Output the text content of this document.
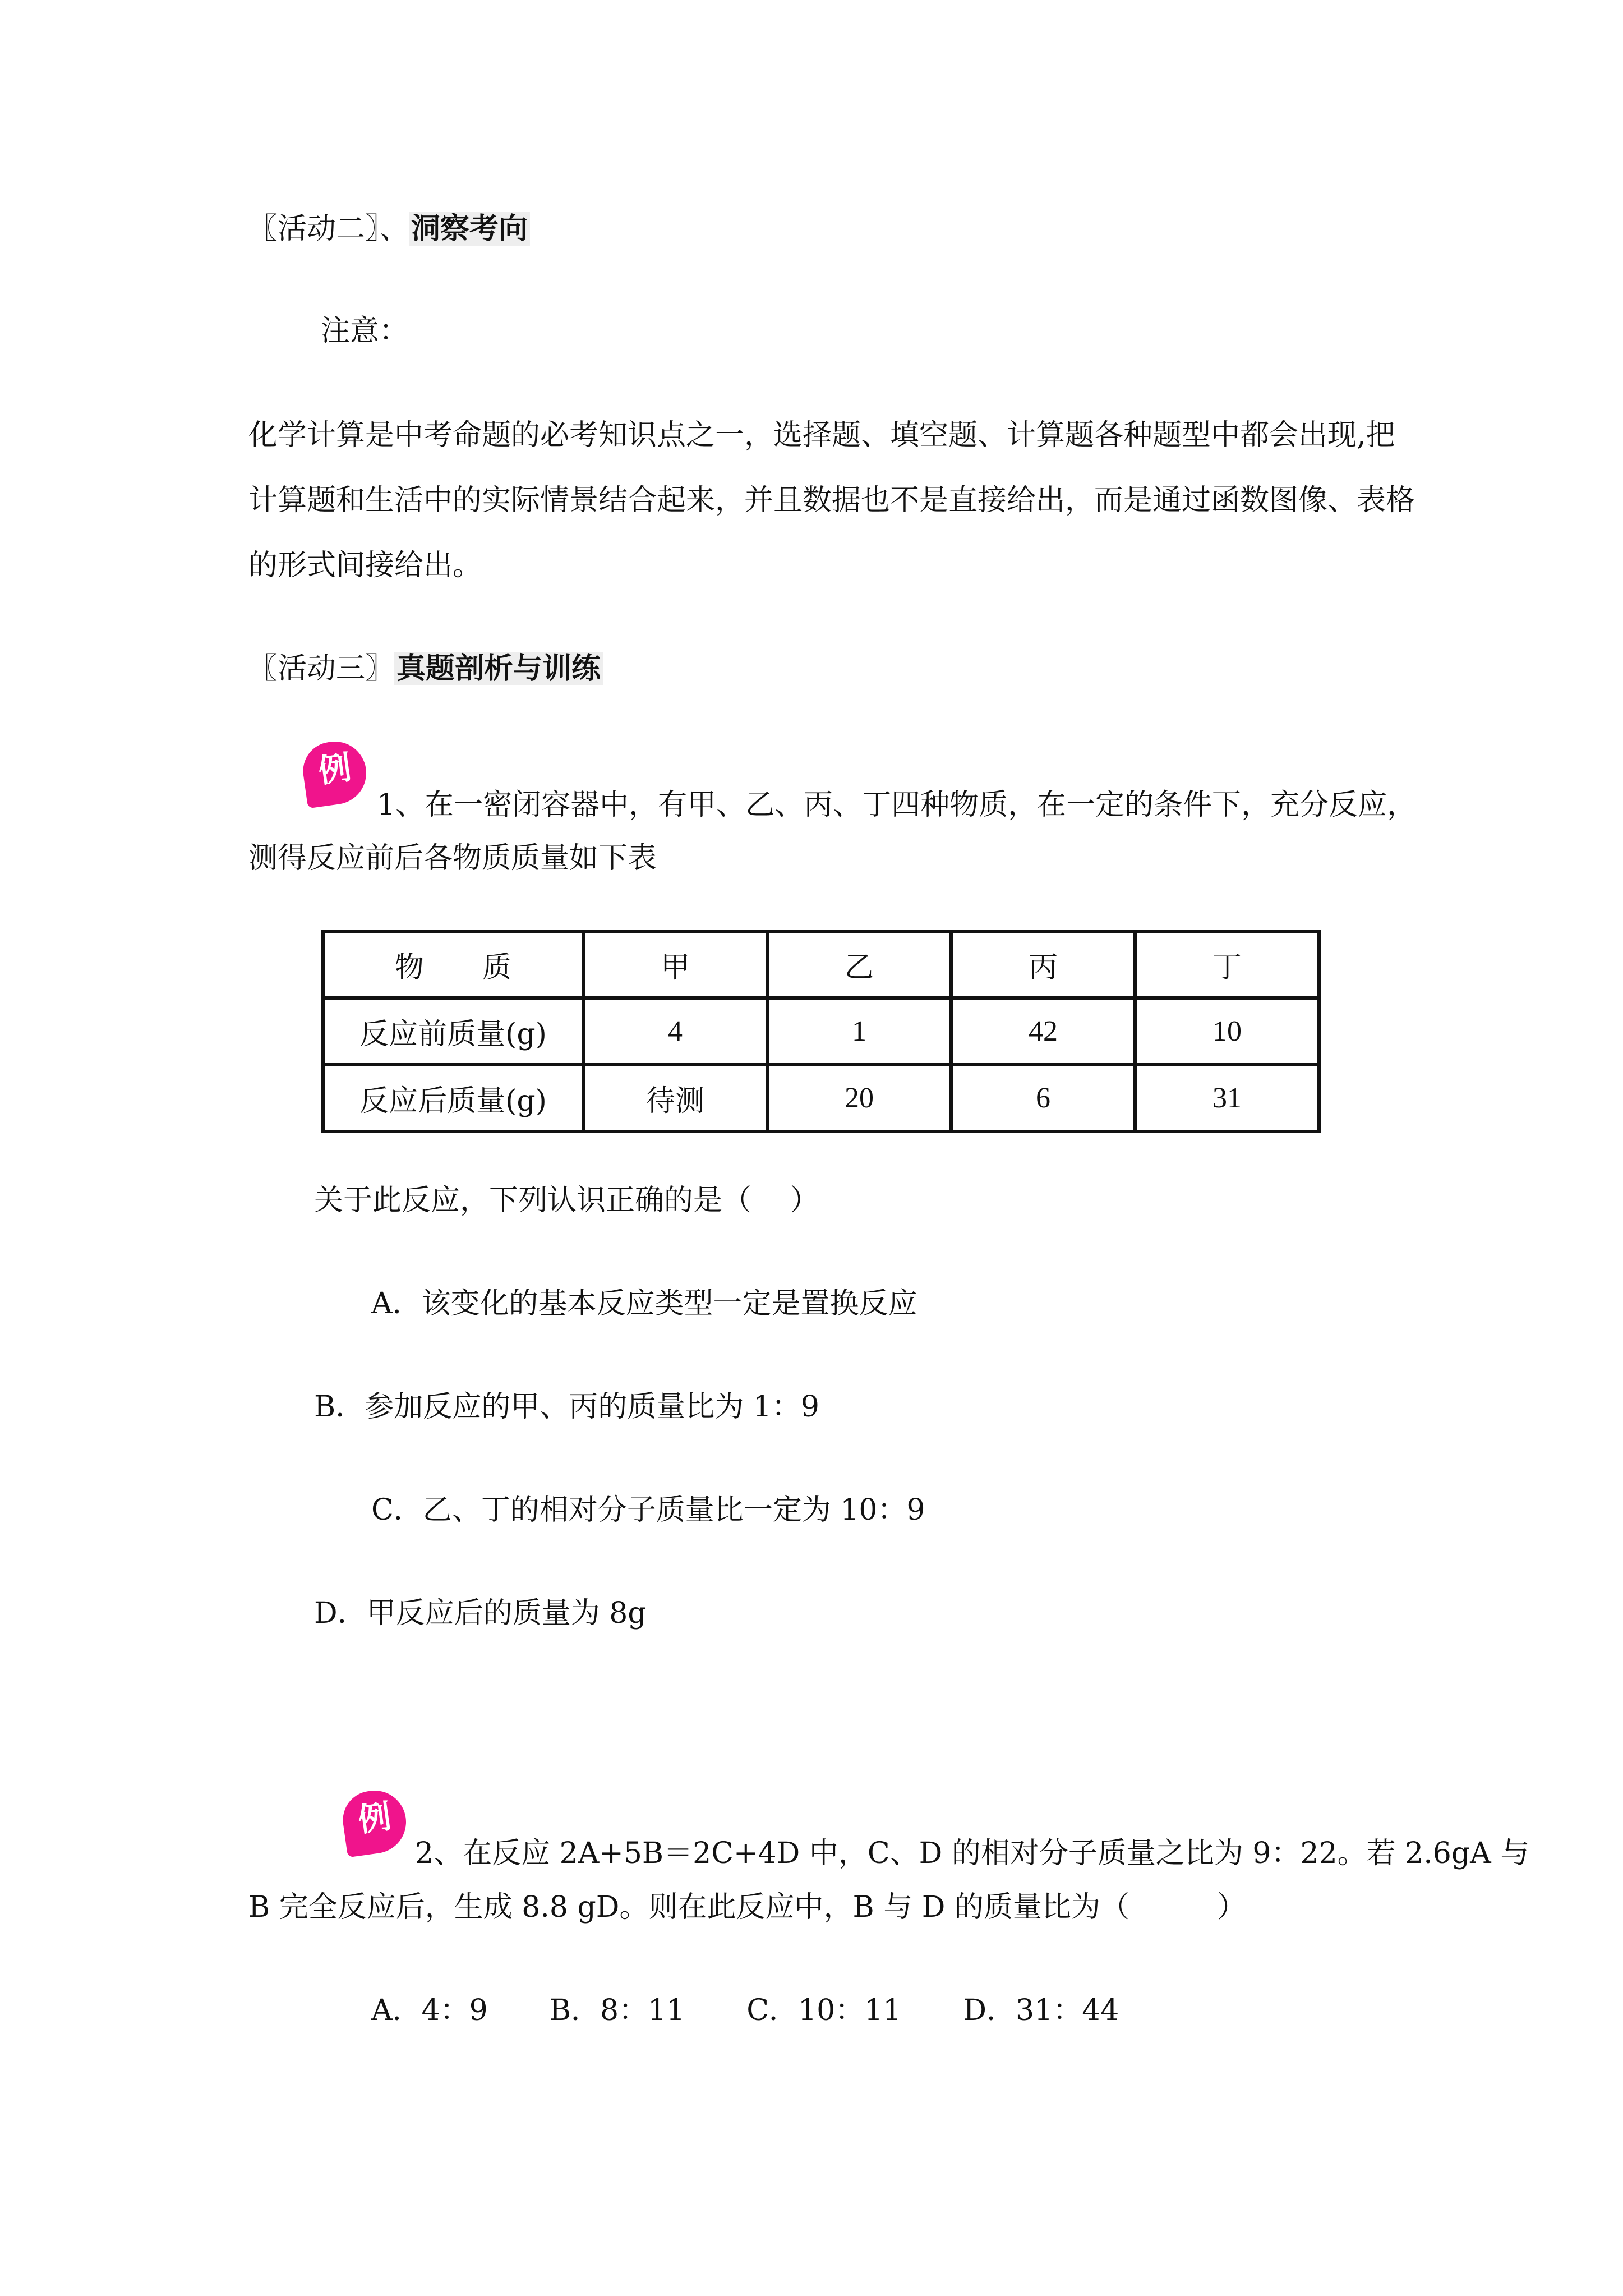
〖活动二〗、洞察考向
注意：
化学计算是中考命题的必考知识点之一，选择题、填空题、计算题各种题型中都会出现,把
计算题和生活中的实际情景结合起来，并且数据也不是直接给出，而是通过函数图像、表格
的形式间接给出。
〖活动三〗真题剖析与训练
例
1、在一密闭容器中，有甲、乙、丙、丁四种物质，在一定的条件下，充分反应，
测得反应前后各物质质量如下表
物　　质	甲	乙	丙	丁
反应前质量(g)	4	1	42	10
反应后质量(g)	待测	20	6	31
关于此反应，下列认识正确的是（　 ）
A．该变化的基本反应类型一定是置换反应
B．参加反应的甲、丙的质量比为 1：9
C．乙、丁的相对分子质量比一定为 10：9
D．甲反应后的质量为 8g
例
2、在反应 2A+5B＝2C+4D 中，C、D 的相对分子质量之比为 9：22。若 2.6gA 与
B 完全反应后，生成 8.8 gD。则在此反应中，B 与 D 的质量比为（　　　）
A．4：9 B．8：11 C．10：11 D．31：44
